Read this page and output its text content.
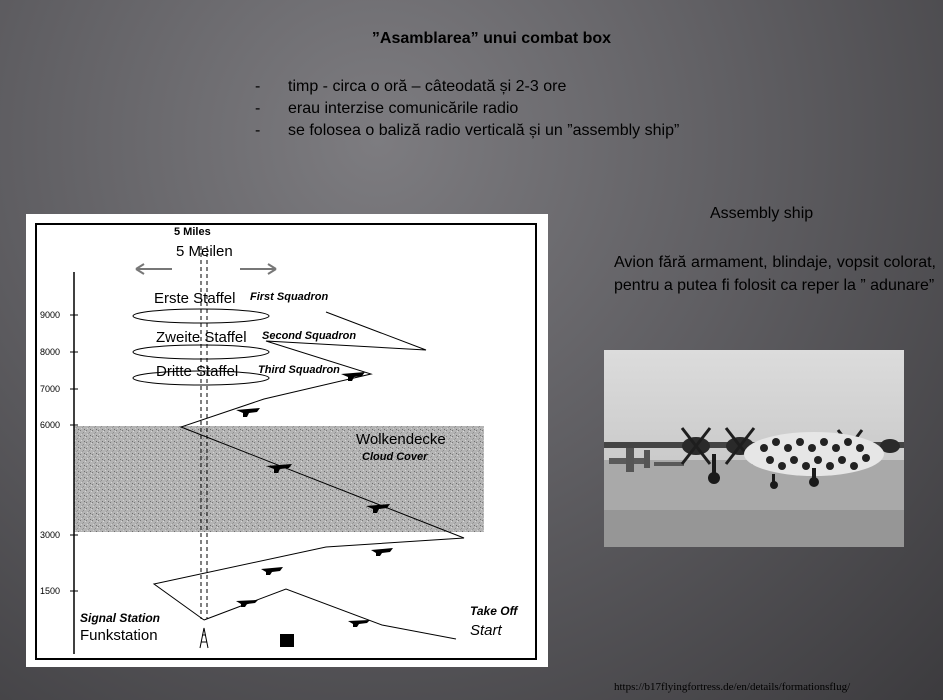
”Asamblarea” unui combat box
- timp - circa o oră – câteodată și 2-3 ore
- erau interzise comunicările radio
- se folosea o baliză radio verticală și un ”assembly ship”
9000
8000
7000
6000
3000
1500
5 Miles
5 Meilen
Erste Staffel First Squadron
Zweite Staffel Second Squadron
Dritte Staffel Third Squadron
Wolkendecke
Cloud Cover
Signal Station
Funkstation
Take Off
Start
Assembly ship
Avion fără armament, blindaje, vopsit colorat, pentru a putea fi folosit ca reper la ” adunare”
https://b17flyingfortress.de/en/details/formationsflug/
